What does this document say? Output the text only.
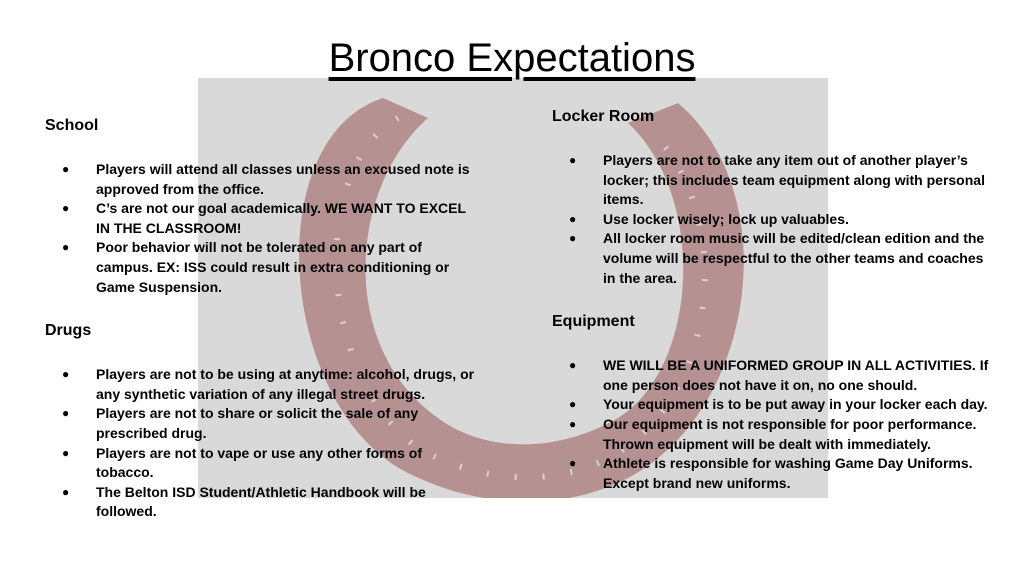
Bronco Expectations
School
● Players will attend all classes unless an excused note is approved from the office.
● C’s are not our goal academically. WE WANT TO EXCEL IN THE CLASSROOM!
● Poor behavior will not be tolerated on any part of campus. EX: ISS could result in extra conditioning or Game Suspension.
Drugs
● Players are not to be using at anytime: alcohol, drugs, or any synthetic variation of any illegal street drugs.
● Players are not to share or solicit the sale of any prescribed drug.
● Players are not to vape or use any other forms of tobacco.
● The Belton ISD Student/Athletic Handbook will be followed.
Locker Room
● Players are not to take any item out of another player’s locker; this includes team equipment along with personal items.
● Use locker wisely; lock up valuables.
● All locker room music will be edited/clean edition and the volume will be respectful to the other teams and coaches in the area.
Equipment
● WE WILL BE A UNIFORMED GROUP IN ALL ACTIVITIES. If one person does not have it on, no one should.
● Your equipment is to be put away in your locker each day.
● Our equipment is not responsible for poor performance. Thrown equipment will be dealt with immediately.
● Athlete is responsible for washing Game Day Uniforms. Except brand new uniforms.
